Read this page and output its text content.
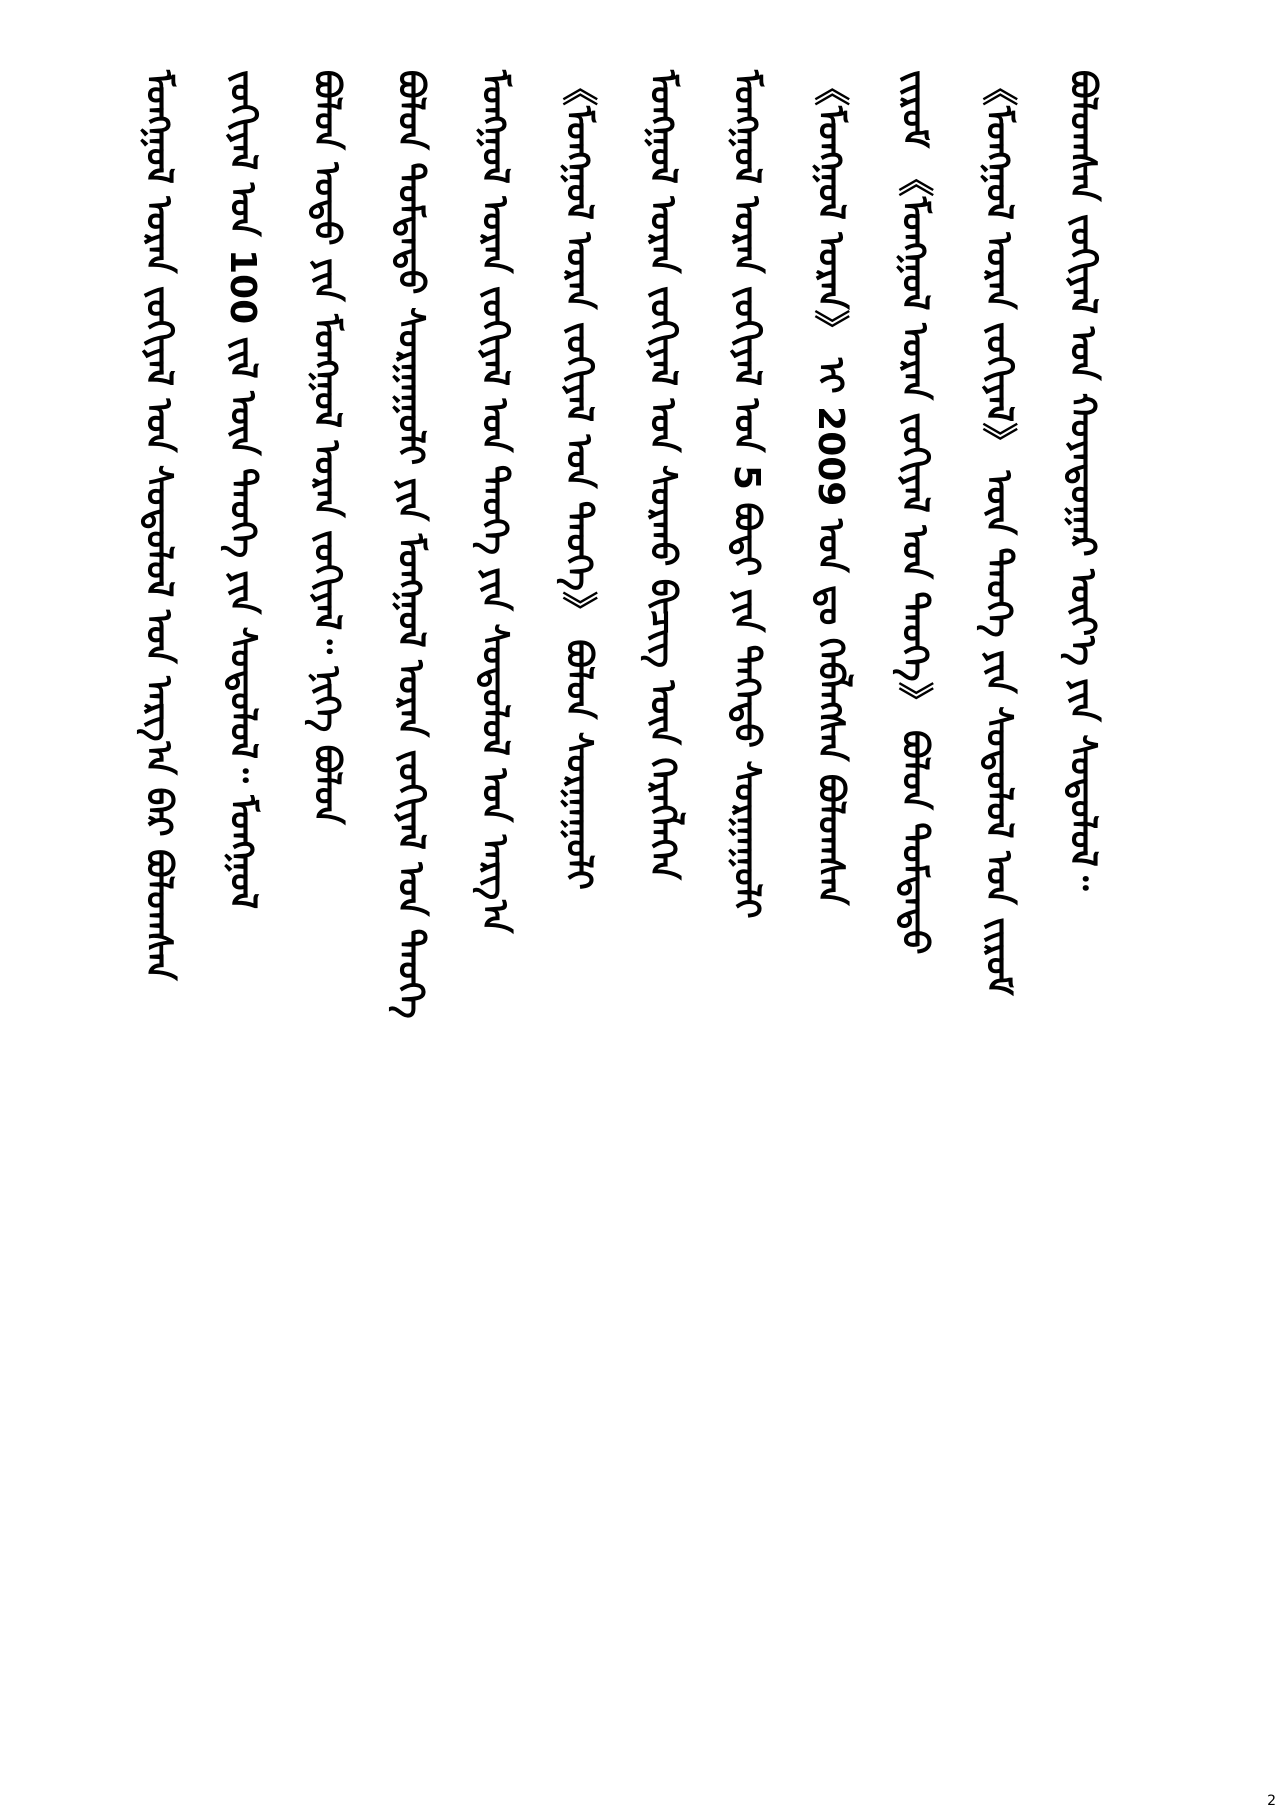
ᠪᠣᠯᠤᠭᠰᠠᠨ ᠵᠣᠬᠢᠶᠠᠯ ᠤᠨ ᠬᠣᠶᠠᠳᠤᠭᠠᠷ ᠦᠶ᠎ᠡ ᠶᠢᠨ ᠰᠤᠳᠤᠯᠤᠯ᠃
《ᠮᠣᠩᠭᠣᠯ ᠤᠷᠠᠨ ᠵᠣᠬᠢᠶᠠᠯ》 ᠦᠨ ᠲᠡᠦᠬᠡ ᠶᠢᠨ ᠰᠤᠳᠤᠯᠤᠯ ᠤᠨ ᠵᠢᠷᠤᠮ
ᠵᠢᠷᠤᠮ 《ᠮᠣᠩᠭᠣᠯ ᠤᠷᠠᠨ ᠵᠣᠬᠢᠶᠠᠯ ᠤᠨ ᠲᠡᠦᠬᠡ》 ᠪᠣᠯᠤᠨ ᠳᠤᠮᠳᠠᠳᠤ
《ᠮᠣᠩᠭᠣᠯ ᠤᠷᠠᠨ》 ᠢ 2009 ᠣᠨ ᠳᠤ ᠬᠡᠪᠯᠡᠭᠰᠡᠨ ᠪᠣᠯᠤᠭᠰᠠᠨ
ᠮᠣᠩᠭᠣᠯ ᠤᠷᠠᠨ ᠵᠣᠬᠢᠶᠠᠯ ᠤᠨ 5 ᠪᠣᠳᠢ ᠶᠢᠨ ᠳᠡᠭᠡᠲᠦ ᠰᠤᠷᠭᠠᠭᠤᠯᠢ
ᠮᠣᠩᠭᠣᠯ ᠤᠷᠠᠨ ᠵᠣᠬᠢᠶᠠᠯ ᠤᠨ ᠰᠤᠷᠬᠤ ᠪᠢᠴᠢᠭ ᠦᠨ ᠬᠡᠷᠡᠭᠯᠡᠭᠡᠨ
《ᠮᠣᠩᠭᠣᠯ ᠤᠷᠠᠨ ᠵᠣᠬᠢᠶᠠᠯ ᠤᠨ ᠲᠡᠦᠬᠡ》 ᠪᠣᠯᠤᠨ ᠰᠤᠷᠭᠠᠭᠤᠯᠢ
ᠮᠣᠩᠭᠣᠯ ᠤᠷᠠᠨ ᠵᠣᠬᠢᠶᠠᠯ ᠤᠨ ᠲᠡᠦᠬᠡ ᠶᠢᠨ ᠰᠤᠳᠤᠯᠤᠯ ᠤᠨ ᠠᠷᠭ᠎ᠠ
ᠪᠣᠯᠤᠨ ᠳᠤᠮᠳᠠᠳᠤ ᠰᠤᠷᠭᠠᠭᠤᠯᠢ ᠶᠢᠨ ᠮᠣᠩᠭᠣᠯ ᠤᠷᠠᠨ ᠵᠣᠬᠢᠶᠠᠯ ᠤᠨ ᠲᠡᠦᠬᠡ
ᠪᠣᠯᠤᠨ ᠤᠳᠤ ᠶᠢᠨ ᠮᠣᠩᠭᠣᠯ ᠤᠷᠠᠨ ᠵᠣᠬᠢᠶᠠᠯ᠃ ᠨᠢᠭᠡ ᠪᠣᠯᠤᠨ
ᠵᠣᠬᠢᠶᠠᠯ ᠤᠨ 100 ᠵᠢᠯ ᠦᠨ ᠲᠡᠦᠬᠡ ᠶᠢᠨ ᠰᠤᠳᠤᠯᠤᠯ᠃ ᠮᠣᠩᠭᠣᠯ
ᠮᠣᠩᠭᠣᠯ ᠤᠷᠠᠨ ᠵᠣᠬᠢᠶᠠᠯ ᠤᠨ ᠰᠤᠳᠤᠯᠤᠯ ᠤᠨ ᠠᠷᠭ᠎ᠠ ᠪᠠᠷ ᠪᠣᠯᠤᠭᠰᠠᠨ
2
